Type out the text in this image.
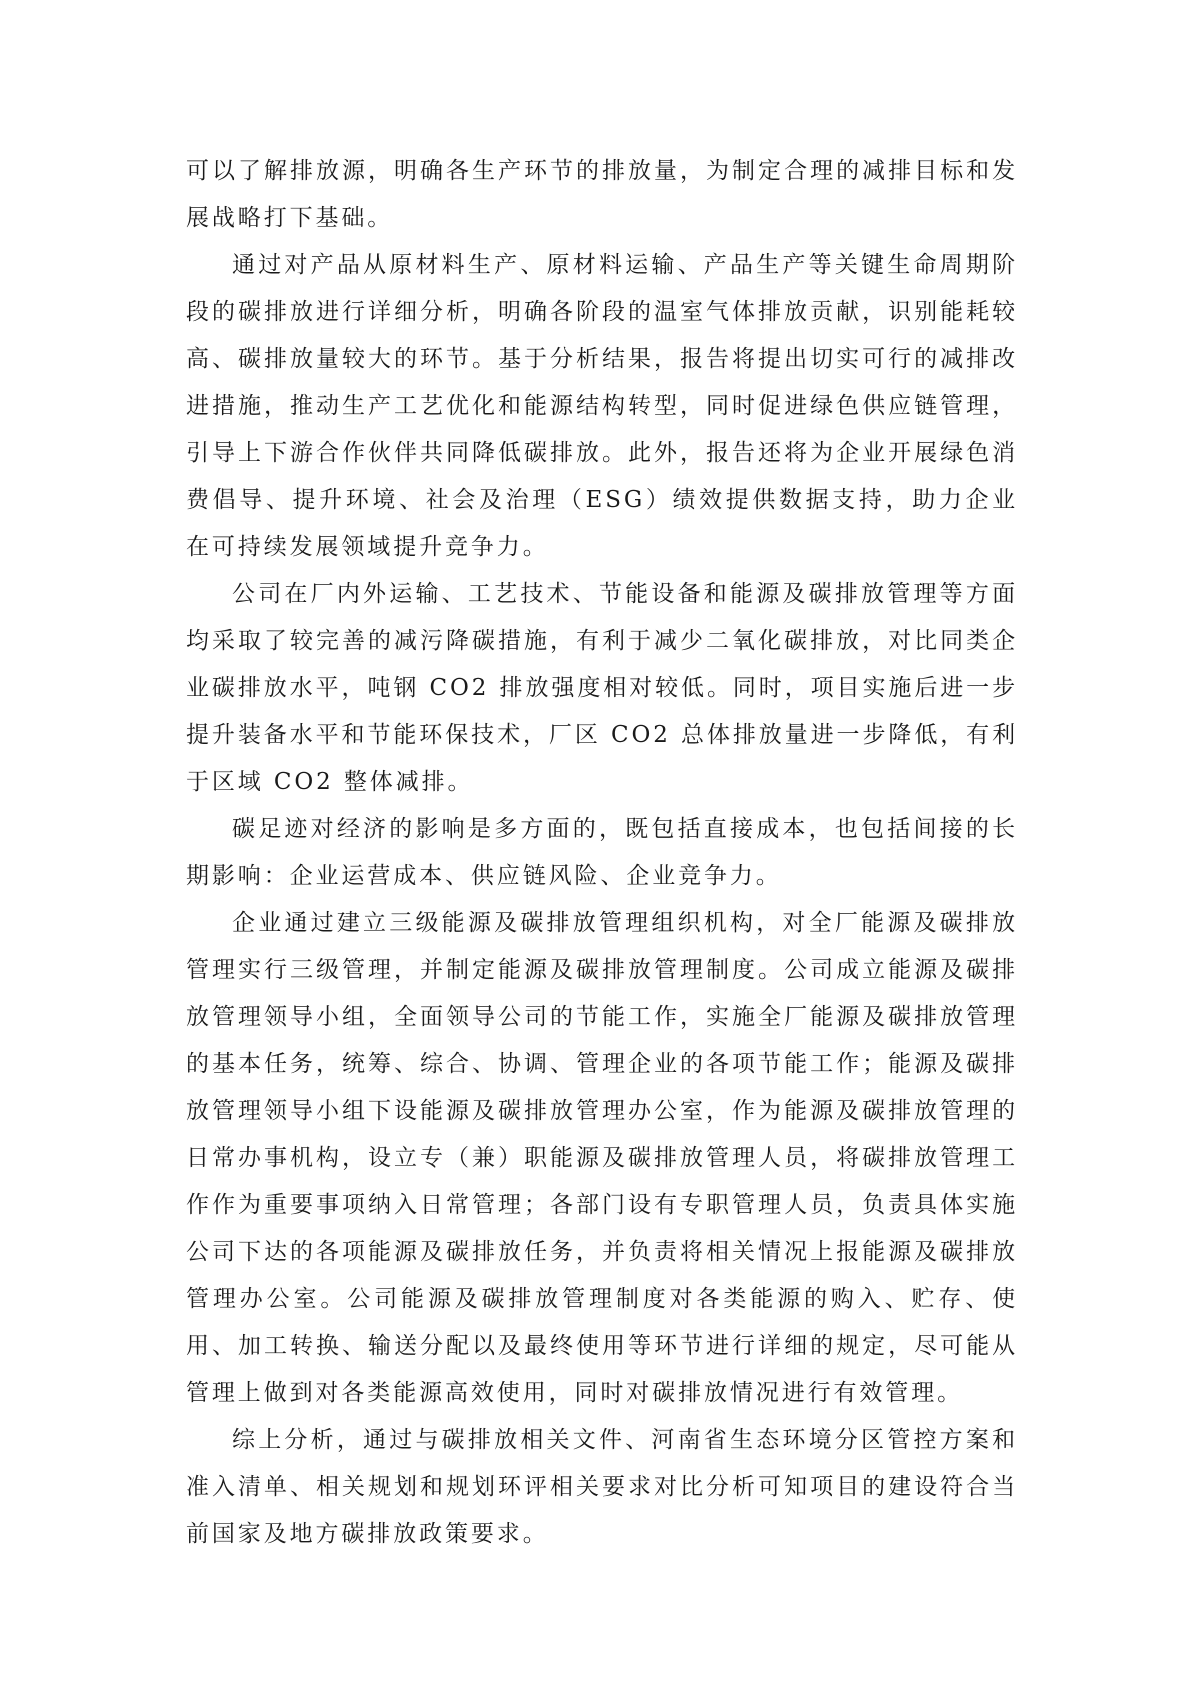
可以了解排放源，明确各生产环节的排放量，为制定合理的减排目标和发展战略打下基础。

通过对产品从原材料生产、原材料运输、产品生产等关键生命周期阶段的碳排放进行详细分析，明确各阶段的温室气体排放贡献，识别能耗较高、碳排放量较大的环节。基于分析结果，报告将提出切实可行的减排改进措施，推动生产工艺优化和能源结构转型，同时促进绿色供应链管理，引导上下游合作伙伴共同降低碳排放。此外，报告还将为企业开展绿色消费倡导、提升环境、社会及治理（ESG）绩效提供数据支持，助力企业在可持续发展领域提升竞争力。

公司在厂内外运输、工艺技术、节能设备和能源及碳排放管理等方面均采取了较完善的减污降碳措施，有利于减少二氧化碳排放，对比同类企业碳排放水平，吨钢 CO2 排放强度相对较低。同时，项目实施后进一步提升装备水平和节能环保技术，厂区 CO2 总体排放量进一步降低，有利于区域 CO2 整体减排。

碳足迹对经济的影响是多方面的，既包括直接成本，也包括间接的长期影响：企业运营成本、供应链风险、企业竞争力。

企业通过建立三级能源及碳排放管理组织机构，对全厂能源及碳排放管理实行三级管理，并制定能源及碳排放管理制度。公司成立能源及碳排放管理领导小组，全面领导公司的节能工作，实施全厂能源及碳排放管理的基本任务，统筹、综合、协调、管理企业的各项节能工作；能源及碳排放管理领导小组下设能源及碳排放管理办公室，作为能源及碳排放管理的日常办事机构，设立专（兼）职能源及碳排放管理人员，将碳排放管理工作作为重要事项纳入日常管理；各部门设有专职管理人员，负责具体实施公司下达的各项能源及碳排放任务，并负责将相关情况上报能源及碳排放管理办公室。公司能源及碳排放管理制度对各类能源的购入、贮存、使用、加工转换、输送分配以及最终使用等环节进行详细的规定，尽可能从管理上做到对各类能源高效使用，同时对碳排放情况进行有效管理。

综上分析，通过与碳排放相关文件、河南省生态环境分区管控方案和准入清单、相关规划和规划环评相关要求对比分析可知项目的建设符合当前国家及地方碳排放政策要求。
